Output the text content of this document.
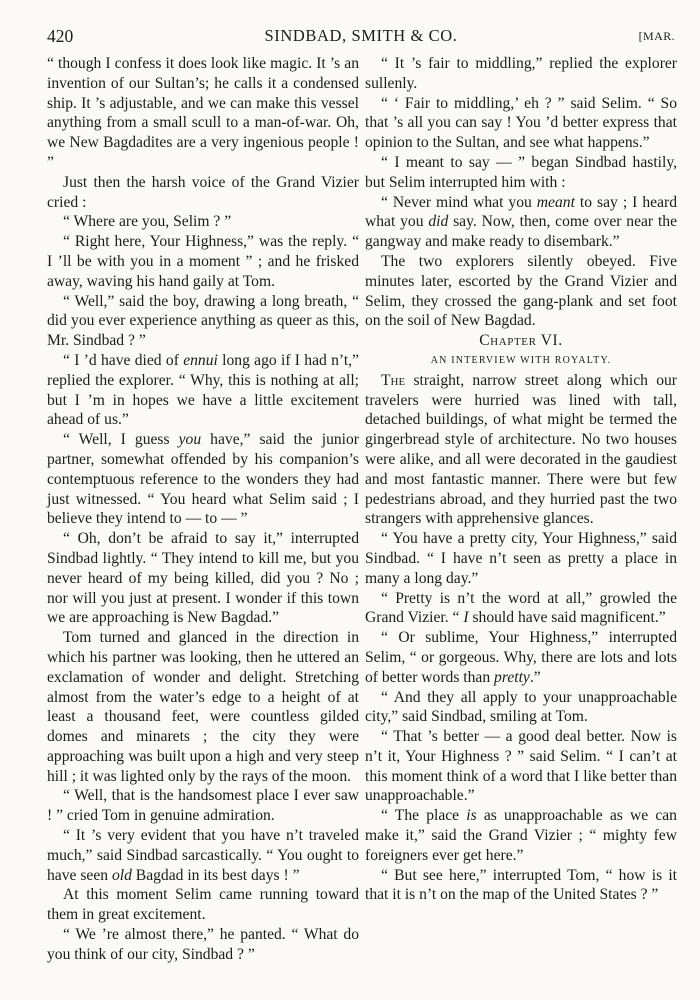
420	SINDBAD, SMITH & CO.	[MAR.

“ though I confess it does look like magic. It ’s an invention of our Sultan’s; he calls it a condensed ship. It ’s adjustable, and we can make this vessel anything from a small scull to a man-of-war. Oh, we New Bagdadites are a very ingenious people ! ”

Just then the harsh voice of the Grand Vizier cried :

“ Where are you, Selim ? ”

“ Right here, Your Highness,” was the reply. “ I ’ll be with you in a moment ” ; and he frisked away, waving his hand gaily at Tom.

“ Well,” said the boy, drawing a long breath, “ did you ever experience anything as queer as this, Mr. Sindbad ? ”

“ I ’d have died of ennui long ago if I had n’t,” replied the explorer. “ Why, this is nothing at all; but I ’m in hopes we have a little excitement ahead of us.”

“ Well, I guess you have,” said the junior partner, somewhat offended by his companion’s contemptuous reference to the wonders they had just witnessed. “ You heard what Selim said ; I believe they intend to — to — ”

“ Oh, don’t be afraid to say it,” interrupted Sindbad lightly. “ They intend to kill me, but you never heard of my being killed, did you ? No ; nor will you just at present. I wonder if this town we are approaching is New Bagdad.”

Tom turned and glanced in the direction in which his partner was looking, then he uttered an exclamation of wonder and delight. Stretching almost from the water’s edge to a height of at least a thousand feet, were countless gilded domes and minarets ; the city they were approaching was built upon a high and very steep hill ; it was lighted only by the rays of the moon.

“ Well, that is the handsomest place I ever saw ! ” cried Tom in genuine admiration.

“ It ’s very evident that you have n’t traveled much,” said Sindbad sarcastically. “ You ought to have seen old Bagdad in its best days ! ”

At this moment Selim came running toward them in great excitement.

“ We ’re almost there,” he panted. “ What do you think of our city, Sindbad ? ”

“ It ’s fair to middling,” replied the explorer sullenly.

“ ‘ Fair to middling,’ eh ? ” said Selim. “ So that ’s all you can say ! You ’d better express that opinion to the Sultan, and see what happens.”

“ I meant to say — ” began Sindbad hastily, but Selim interrupted him with :

“ Never mind what you meant to say ; I heard what you did say. Now, then, come over near the gangway and make ready to disembark.”

The two explorers silently obeyed. Five minutes later, escorted by the Grand Vizier and Selim, they crossed the gang-plank and set foot on the soil of New Bagdad.

Chapter VI.

AN INTERVIEW WITH ROYALTY.

The straight, narrow street along which our travelers were hurried was lined with tall, detached buildings, of what might be termed the gingerbread style of architecture. No two houses were alike, and all were decorated in the gaudiest and most fantastic manner. There were but few pedestrians abroad, and they hurried past the two strangers with apprehensive glances.

“ You have a pretty city, Your Highness,” said Sindbad. “ I have n’t seen as pretty a place in many a long day.”

“ Pretty is n’t the word at all,” growled the Grand Vizier. “ I should have said magnificent.”

“ Or sublime, Your Highness,” interrupted Selim, “ or gorgeous. Why, there are lots and lots of better words than pretty.”

“ And they all apply to your unapproachable city,” said Sindbad, smiling at Tom.

“ That ’s better — a good deal better. Now is n’t it, Your Highness ? ” said Selim. “ I can’t at this moment think of a word that I like better than unapproachable.”

“ The place is as unapproachable as we can make it,” said the Grand Vizier ; “ mighty few foreigners ever get here.”

“ But see here,” interrupted Tom, “ how is it that it is n’t on the map of the United States ? ”
